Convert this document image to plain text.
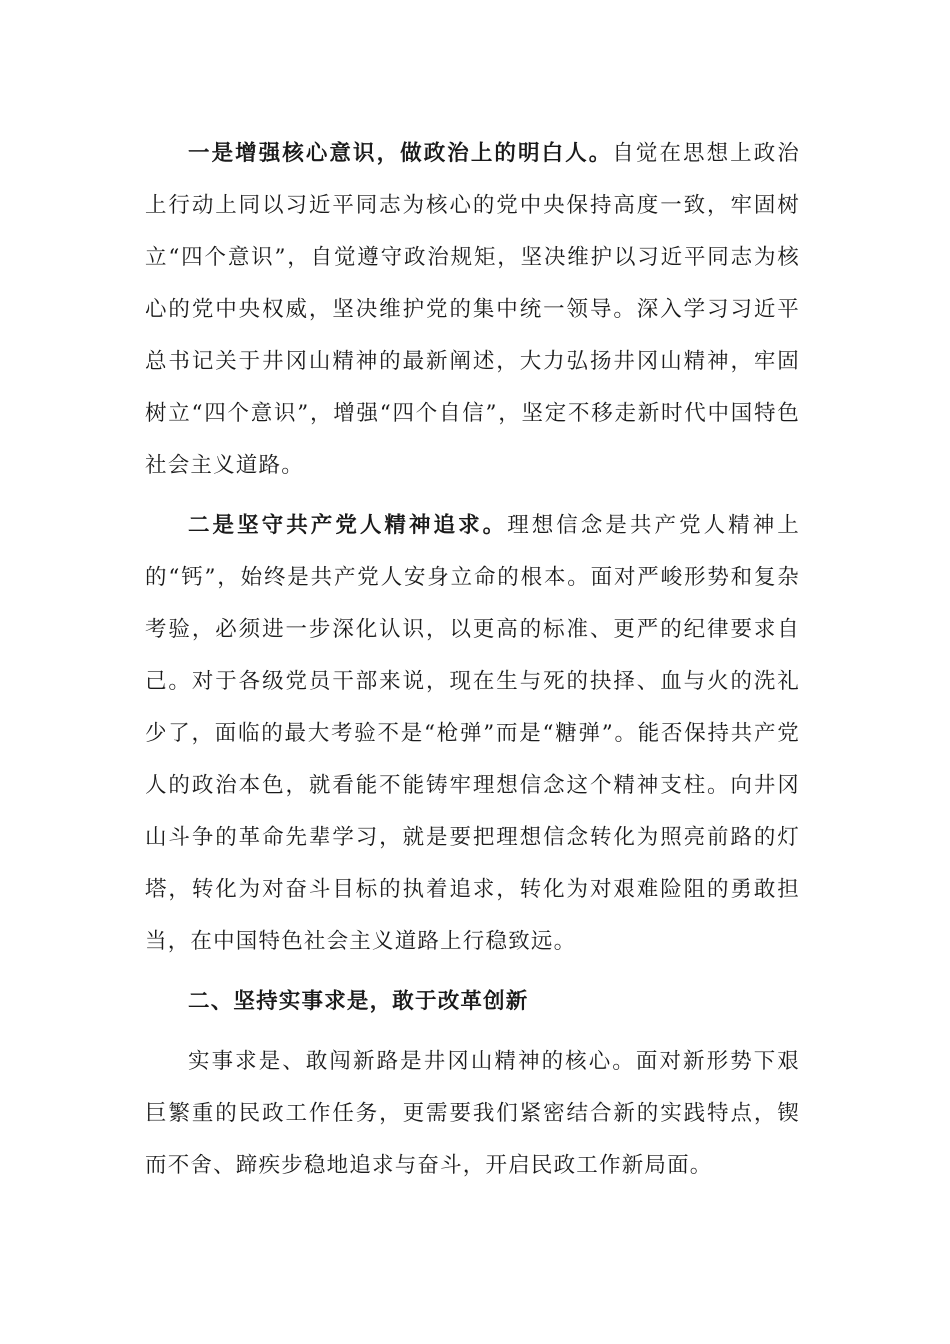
一是增强核心意识，做政治上的明白人。自觉在思想上政治上行动上同以习近平同志为核心的党中央保持高度一致，牢固树立“四个意识”，自觉遵守政治规矩，坚决维护以习近平同志为核心的党中央权威，坚决维护党的集中统一领导。深入学习习近平总书记关于井冈山精神的最新阐述，大力弘扬井冈山精神，牢固树立“四个意识”，增强“四个自信”，坚定不移走新时代中国特色社会主义道路。

二是坚守共产党人精神追求。理想信念是共产党人精神上的“钙”，始终是共产党人安身立命的根本。面对严峻形势和复杂考验，必须进一步深化认识，以更高的标准、更严的纪律要求自己。对于各级党员干部来说，现在生与死的抉择、血与火的洗礼少了，面临的最大考验不是“枪弹”而是“糖弹”。能否保持共产党人的政治本色，就看能不能铸牢理想信念这个精神支柱。向井冈山斗争的革命先辈学习，就是要把理想信念转化为照亮前路的灯塔，转化为对奋斗目标的执着追求，转化为对艰难险阻的勇敢担当，在中国特色社会主义道路上行稳致远。

二、坚持实事求是，敢于改革创新

实事求是、敢闯新路是井冈山精神的核心。面对新形势下艰巨繁重的民政工作任务，更需要我们紧密结合新的实践特点，锲而不舍、蹄疾步稳地追求与奋斗，开启民政工作新局面。
